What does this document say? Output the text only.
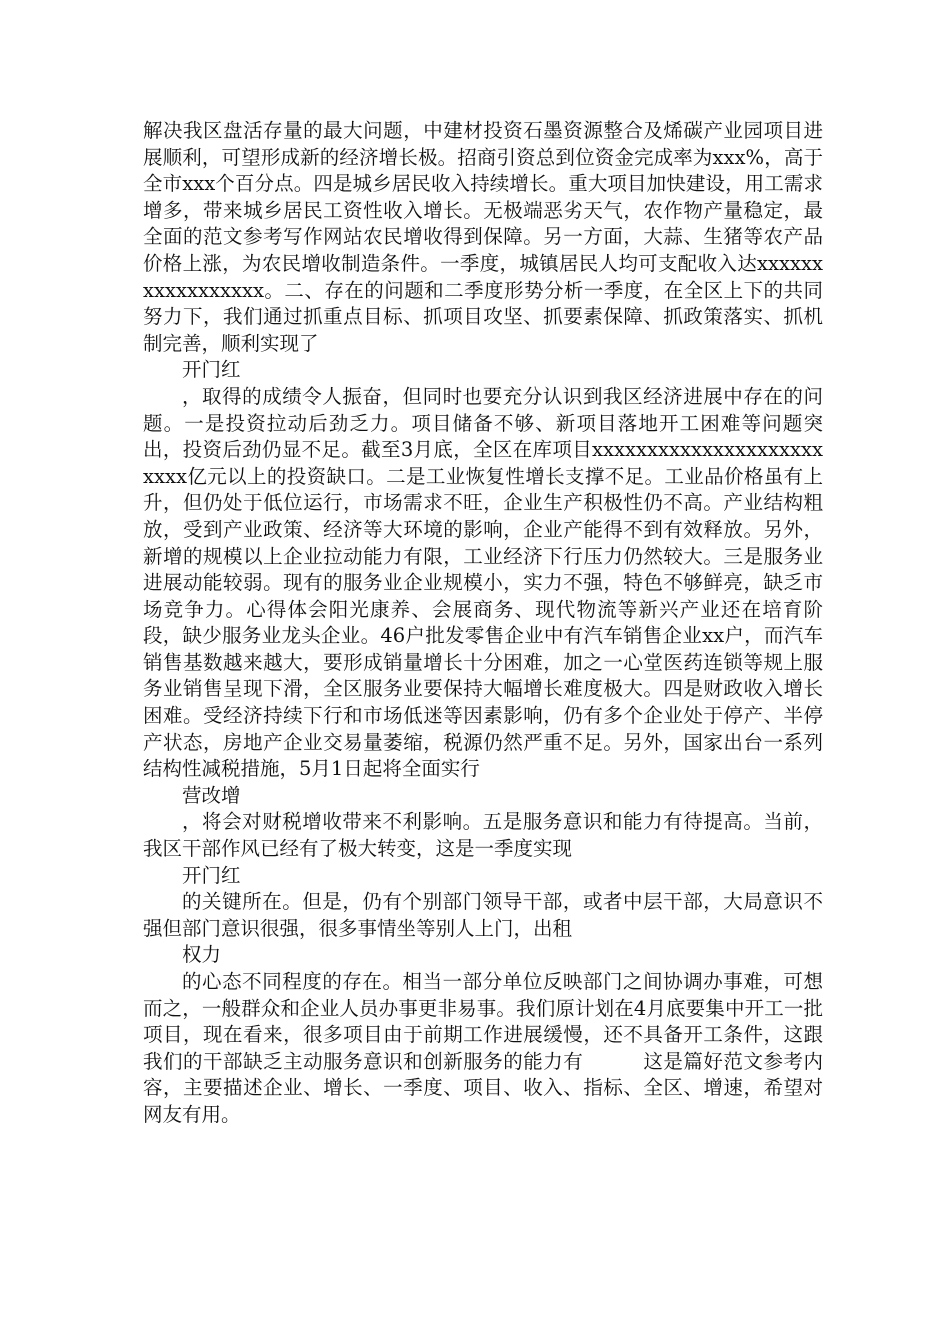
解决我区盘活存量的最大问题，中建材投资石墨资源整合及烯碳产业园项目进展顺利，可望形成新的经济增长极。招商引资总到位资金完成率为xxx%，高于全市xxx个百分点。四是城乡居民收入持续增长。重大项目加快建设，用工需求增多，带来城乡居民工资性收入增长。无极端恶劣天气，农作物产量稳定，最全面的范文参考写作网站农民增收得到保障。另一方面，大蒜、生猪等农产品价格上涨，为农民增收制造条件。一季度，城镇居民人均可支配收入达xxxxxxxxxxxxxxxxx。二、存在的问题和二季度形势分析一季度，在全区上下的共同努力下，我们通过抓重点目标、抓项目攻坚、抓要素保障、抓政策落实、抓机制完善，顺利实现了

开门红

，取得的成绩令人振奋，但同时也要充分认识到我区经济进展中存在的问题。一是投资拉动后劲乏力。项目储备不够、新项目落地开工困难等问题突出，投资后劲仍显不足。截至3月底，全区在库项目xxxxxxxxxxxxxxxxxxxxxxxxx亿元以上的投资缺口。二是工业恢复性增长支撑不足。工业品价格虽有上升，但仍处于低位运行，市场需求不旺，企业生产积极性仍不高。产业结构粗放，受到产业政策、经济等大环境的影响，企业产能得不到有效释放。另外，新增的规模以上企业拉动能力有限，工业经济下行压力仍然较大。三是服务业进展动能较弱。现有的服务业企业规模小，实力不强，特色不够鲜亮，缺乏市场竞争力。心得体会阳光康养、会展商务、现代物流等新兴产业还在培育阶段，缺少服务业龙头企业。46户批发零售企业中有汽车销售企业xx户，而汽车销售基数越来越大，要形成销量增长十分困难，加之一心堂医药连锁等规上服务业销售呈现下滑，全区服务业要保持大幅增长难度极大。四是财政收入增长困难。受经济持续下行和市场低迷等因素影响，仍有多个企业处于停产、半停产状态，房地产企业交易量萎缩，税源仍然严重不足。另外，国家出台一系列结构性减税措施，5月1日起将全面实行

营改增

，将会对财税增收带来不利影响。五是服务意识和能力有待提高。当前，我区干部作风已经有了极大转变，这是一季度实现

开门红

的关键所在。但是，仍有个别部门领导干部，或者中层干部，大局意识不强但部门意识很强，很多事情坐等别人上门，出租

权力

的心态不同程度的存在。相当一部分单位反映部门之间协调办事难，可想而之，一般群众和企业人员办事更非易事。我们原计划在4月底要集中开工一批项目，现在看来，很多项目由于前期工作进展缓慢，还不具备开工条件，这跟我们的干部缺乏主动服务意识和创新服务的能力有　　　这是篇好范文参考内容，主要描述企业、增长、一季度、项目、收入、指标、全区、增速，希望对网友有用。
